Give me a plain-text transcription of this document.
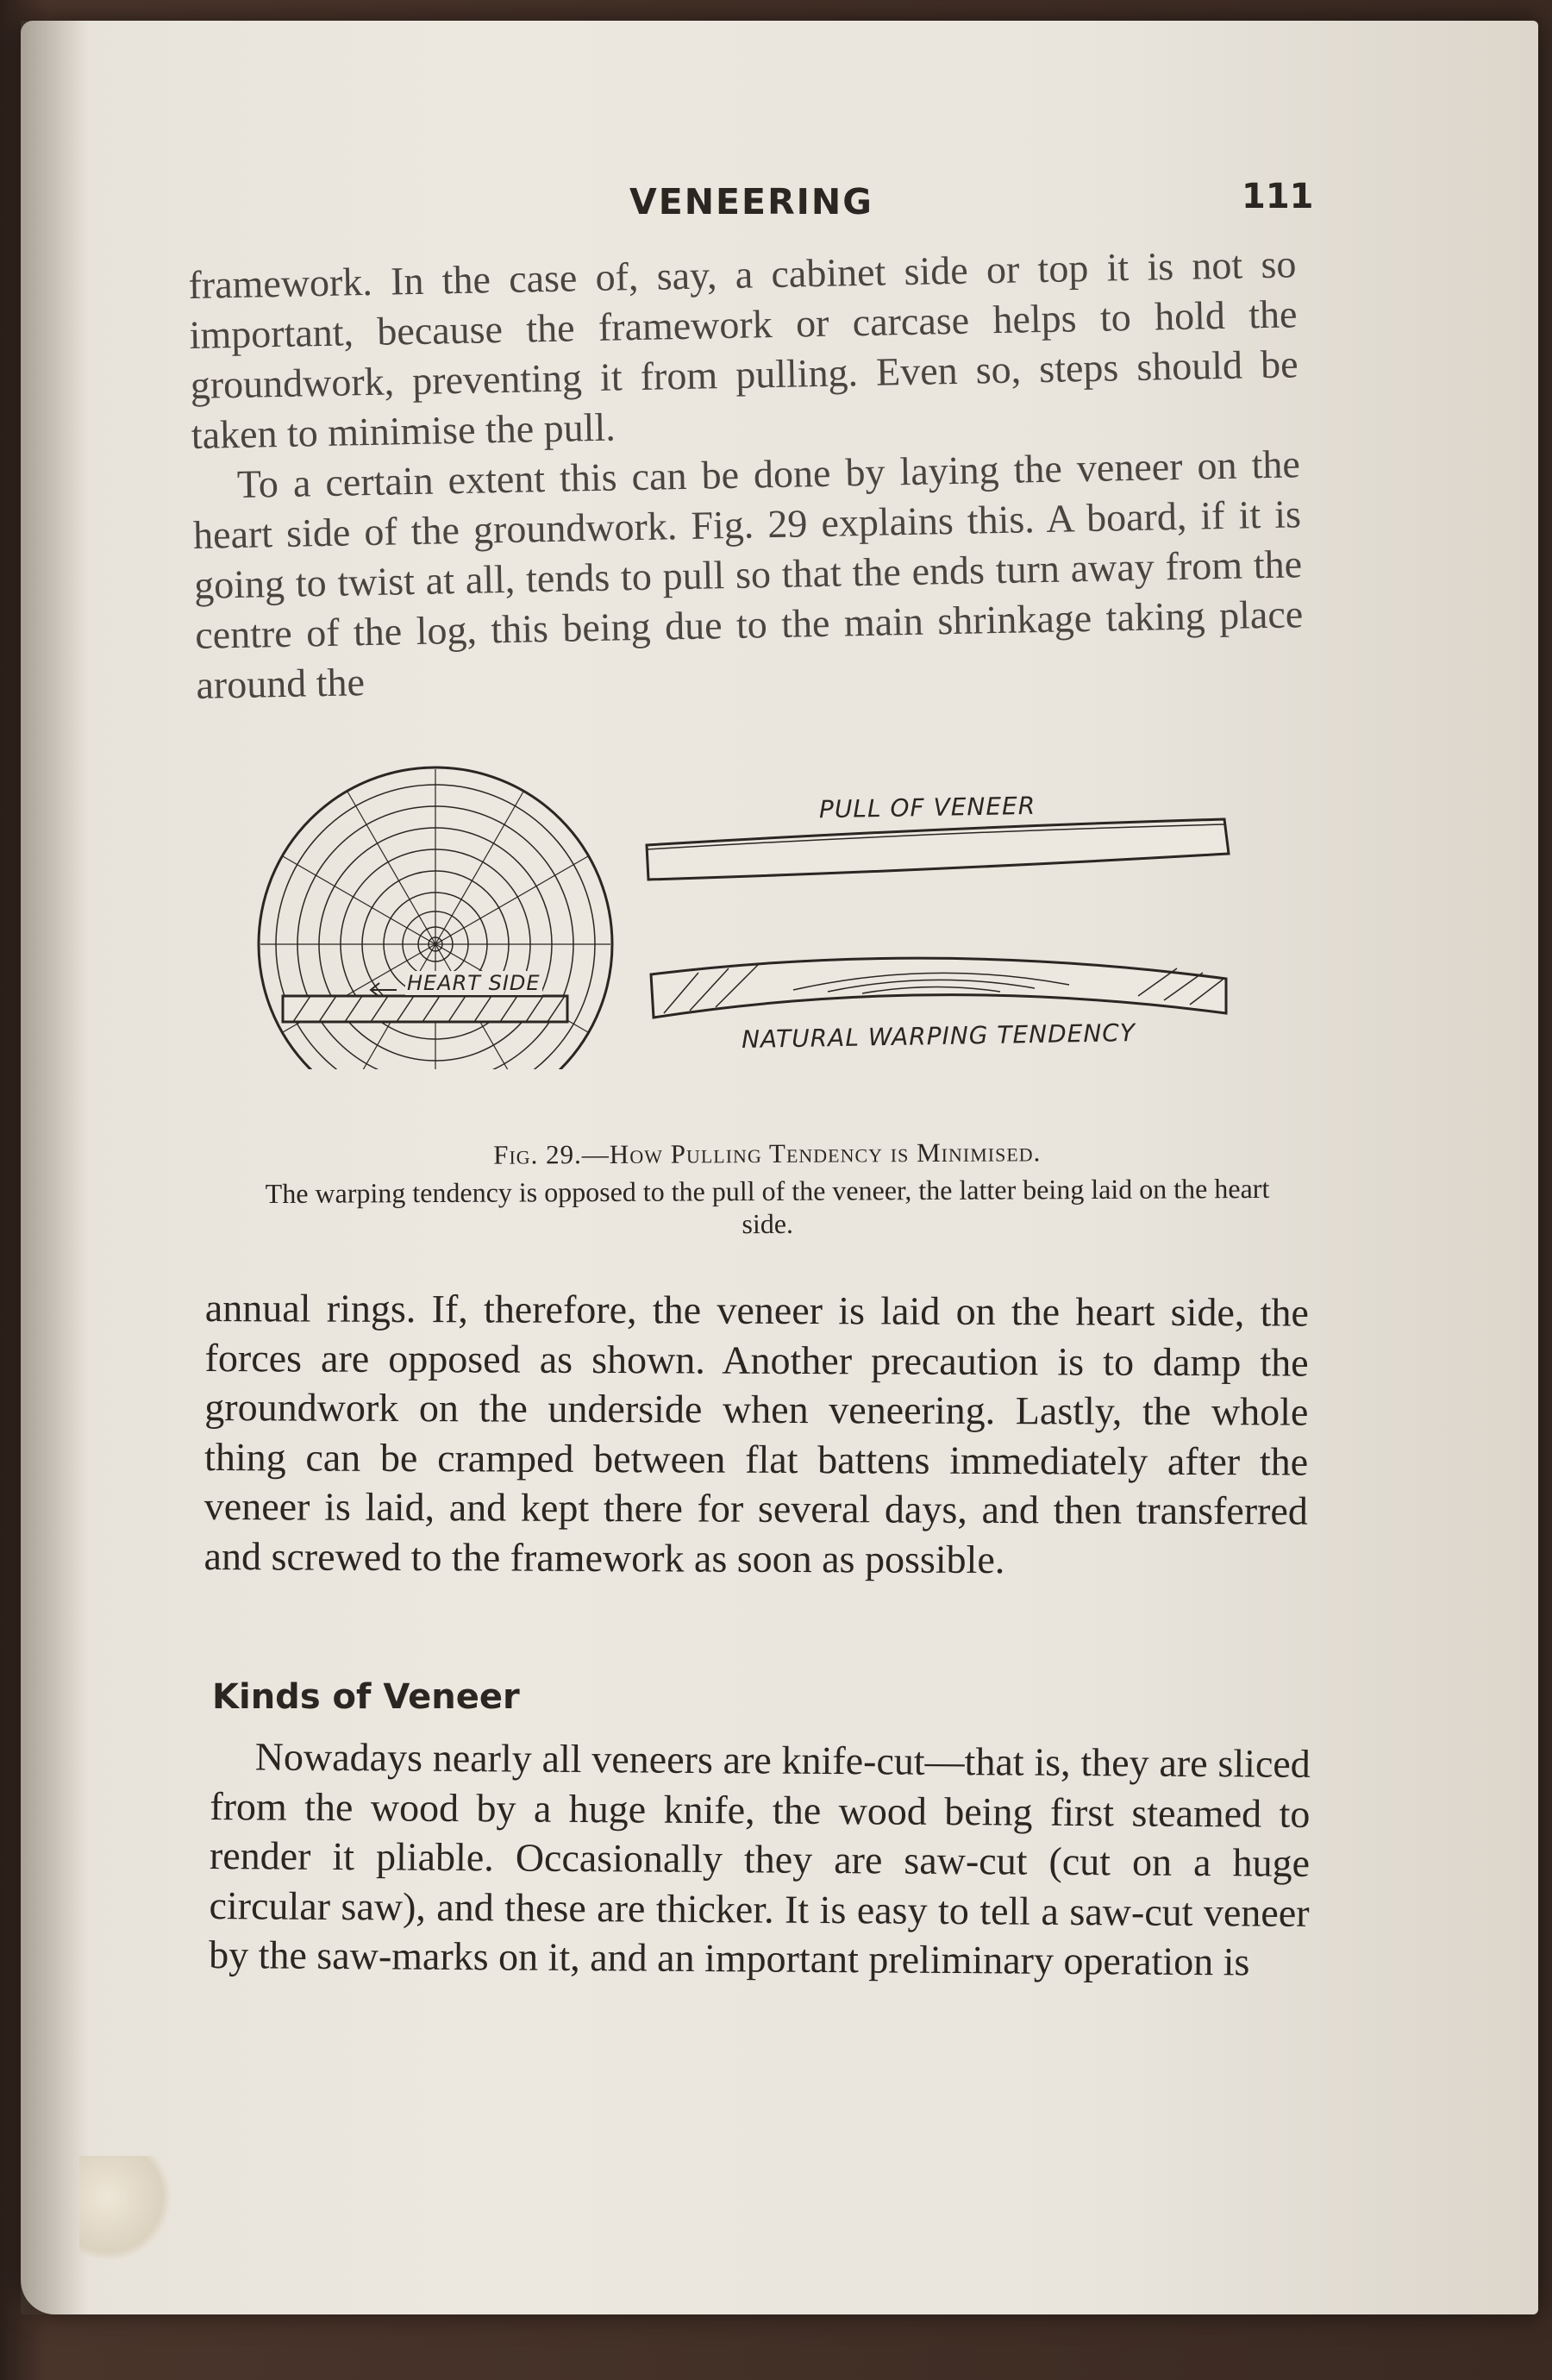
VENEERING	111

framework. In the case of, say, a cabinet side or top it is not so important, because the framework or carcase helps to hold the groundwork, preventing it from pulling. Even so, steps should be taken to minimise the pull.

To a certain extent this can be done by laying the veneer on the heart side of the groundwork. Fig. 29 explains this. A board, if it is going to twist at all, tends to pull so that the ends turn away from the centre of the log, this being due to the main shrinkage taking place around the

PULL OF VENEER
NATURAL WARPING TENDENCY
HEART SIDE

Fig. 29.—How Pulling Tendency is Minimised.

The warping tendency is opposed to the pull of the veneer, the latter being laid on the heart side.

annual rings. If, therefore, the veneer is laid on the heart side, the forces are opposed as shown. Another precaution is to damp the groundwork on the underside when veneering. Lastly, the whole thing can be cramped between flat battens immediately after the veneer is laid, and kept there for several days, and then transferred and screwed to the framework as soon as possible.

Kinds of Veneer

Nowadays nearly all veneers are knife-cut—that is, they are sliced from the wood by a huge knife, the wood being first steamed to render it pliable. Occasionally they are saw-cut (cut on a huge circular saw), and these are thicker. It is easy to tell a saw-cut veneer by the saw-marks on it, and an important preliminary operation is
